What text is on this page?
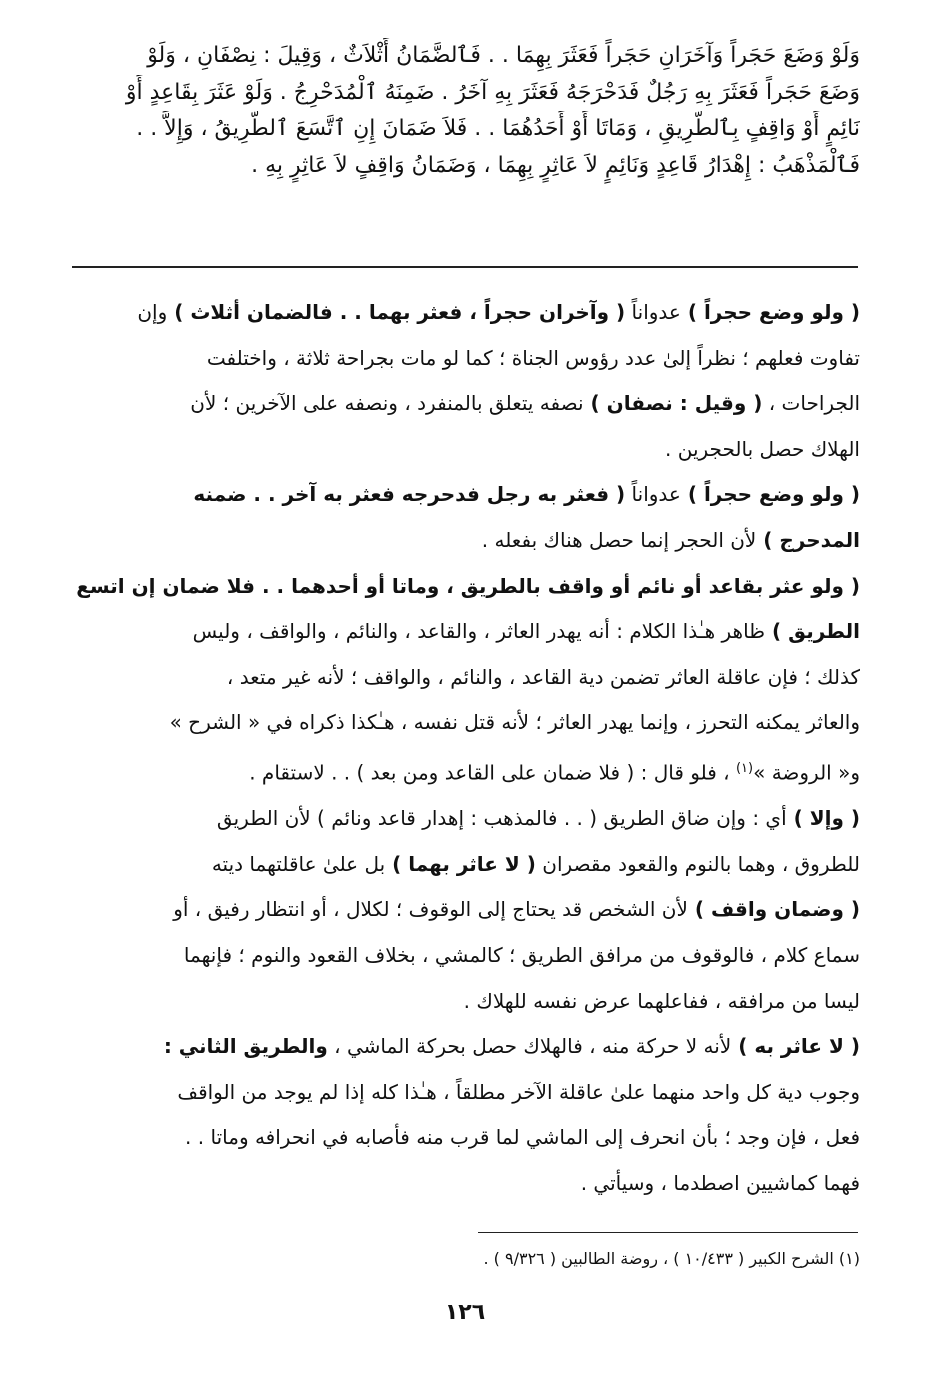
وَلَوْ وَضَعَ حَجَراً وَآخَرَانِ حَجَراً فَعَثَرَ بِهِمَا . . فَٱلضَّمَانُ أَثْلاَثٌ ، وَقِيلَ : نِصْفَانِ ، وَلَوْ
وَضَعَ حَجَراً فَعَثَرَ بِهِ رَجُلٌ فَدَحْرَجَهُ فَعَثَرَ بِهِ آخَرُ . ضَمِنَهُ ٱلْمُدَحْرِجُ . وَلَوْ عَثَرَ بِقَاعِدٍ أَوْ
نَائِمٍ أَوْ وَاقِفٍ بِٱلطَّرِيقِ ، وَمَاتَا أَوْ أَحَدُهُمَا . . فَلاَ ضَمَانَ إِنِ ٱتَّسَعَ ٱلطَّرِيقُ ، وَإِلاَّ . .
فَٱلْمَذْهَبُ : إِهْدَارُ قَاعِدٍ وَنَائِمٍ لاَ عَاثِرٍ بِهِمَا ، وَضَمَانُ وَاقِفٍ لاَ عَاثِرٍ بِهِ .
( ولو وضع حجراً ) عدواناً ( وآخران حجراً ، فعثر بهما . . فالضمان أثلاث ) وإن
تفاوت فعلهم ؛ نظراً إلىٰ عدد رؤوس الجناة ؛ كما لو مات بجراحة ثلاثة ، واختلفت
الجراحات ، ( وقيل : نصفان ) نصفه يتعلق بالمنفرد ، ونصفه على الآخرين ؛ لأن
الهلاك حصل بالحجرين .
( ولو وضع حجراً ) عدواناً ( فعثر به رجل فدحرجه فعثر به آخر . . ضمنه
المدحرج ) لأن الحجر إنما حصل هناك بفعله .
( ولو عثر بقاعد أو نائم أو واقف بالطريق ، وماتا أو أحدهما . . فلا ضمان إن اتسع
الطريق ) ظاهر هـٰذا الكلام : أنه يهدر العاثر ، والقاعد ، والنائم ، والواقف ، وليس
كذلك ؛ فإن عاقلة العاثر تضمن دية القاعد ، والنائم ، والواقف ؛ لأنه غير متعد ،
والعاثر يمكنه التحرز ، وإنما يهدر العاثر ؛ لأنه قتل نفسه ، هـٰكذا ذكراه في « الشرح »
و« الروضة »$^{(١)}$ ، فلو قال : ( فلا ضمان على القاعد ومن بعد ) . . لاستقام .
( وإلا ) أي : وإن ضاق الطريق ( . . فالمذهب : إهدار قاعد ونائم ) لأن الطريق
للطروق ، وهما بالنوم والقعود مقصران ( لا عاثر بهما ) بل علىٰ عاقلتهما ديته
( وضمان واقف ) لأن الشخص قد يحتاج إلى الوقوف ؛ لكلال ، أو انتظار رفيق ، أو
سماع كلام ، فالوقوف من مرافق الطريق ؛ كالمشي ، بخلاف القعود والنوم ؛ فإنهما
ليسا من مرافقه ، ففاعلهما عرض نفسه للهلاك .
( لا عاثر به ) لأنه لا حركة منه ، فالهلاك حصل بحركة الماشي ، والطريق الثاني :
وجوب دية كل واحد منهما علىٰ عاقلة الآخر مطلقاً ، هـٰذا كله إذا لم يوجد من الواقف
فعل ، فإن وجد ؛ بأن انحرف إلى الماشي لما قرب منه فأصابه في انحرافه وماتا . .
فهما كماشيين اصطدما ، وسيأتي .
(١) الشرح الكبير ( ١٠/٤٣٣ ) ، روضة الطالبين ( ٩/٣٢٦ ) .
١٢٦
